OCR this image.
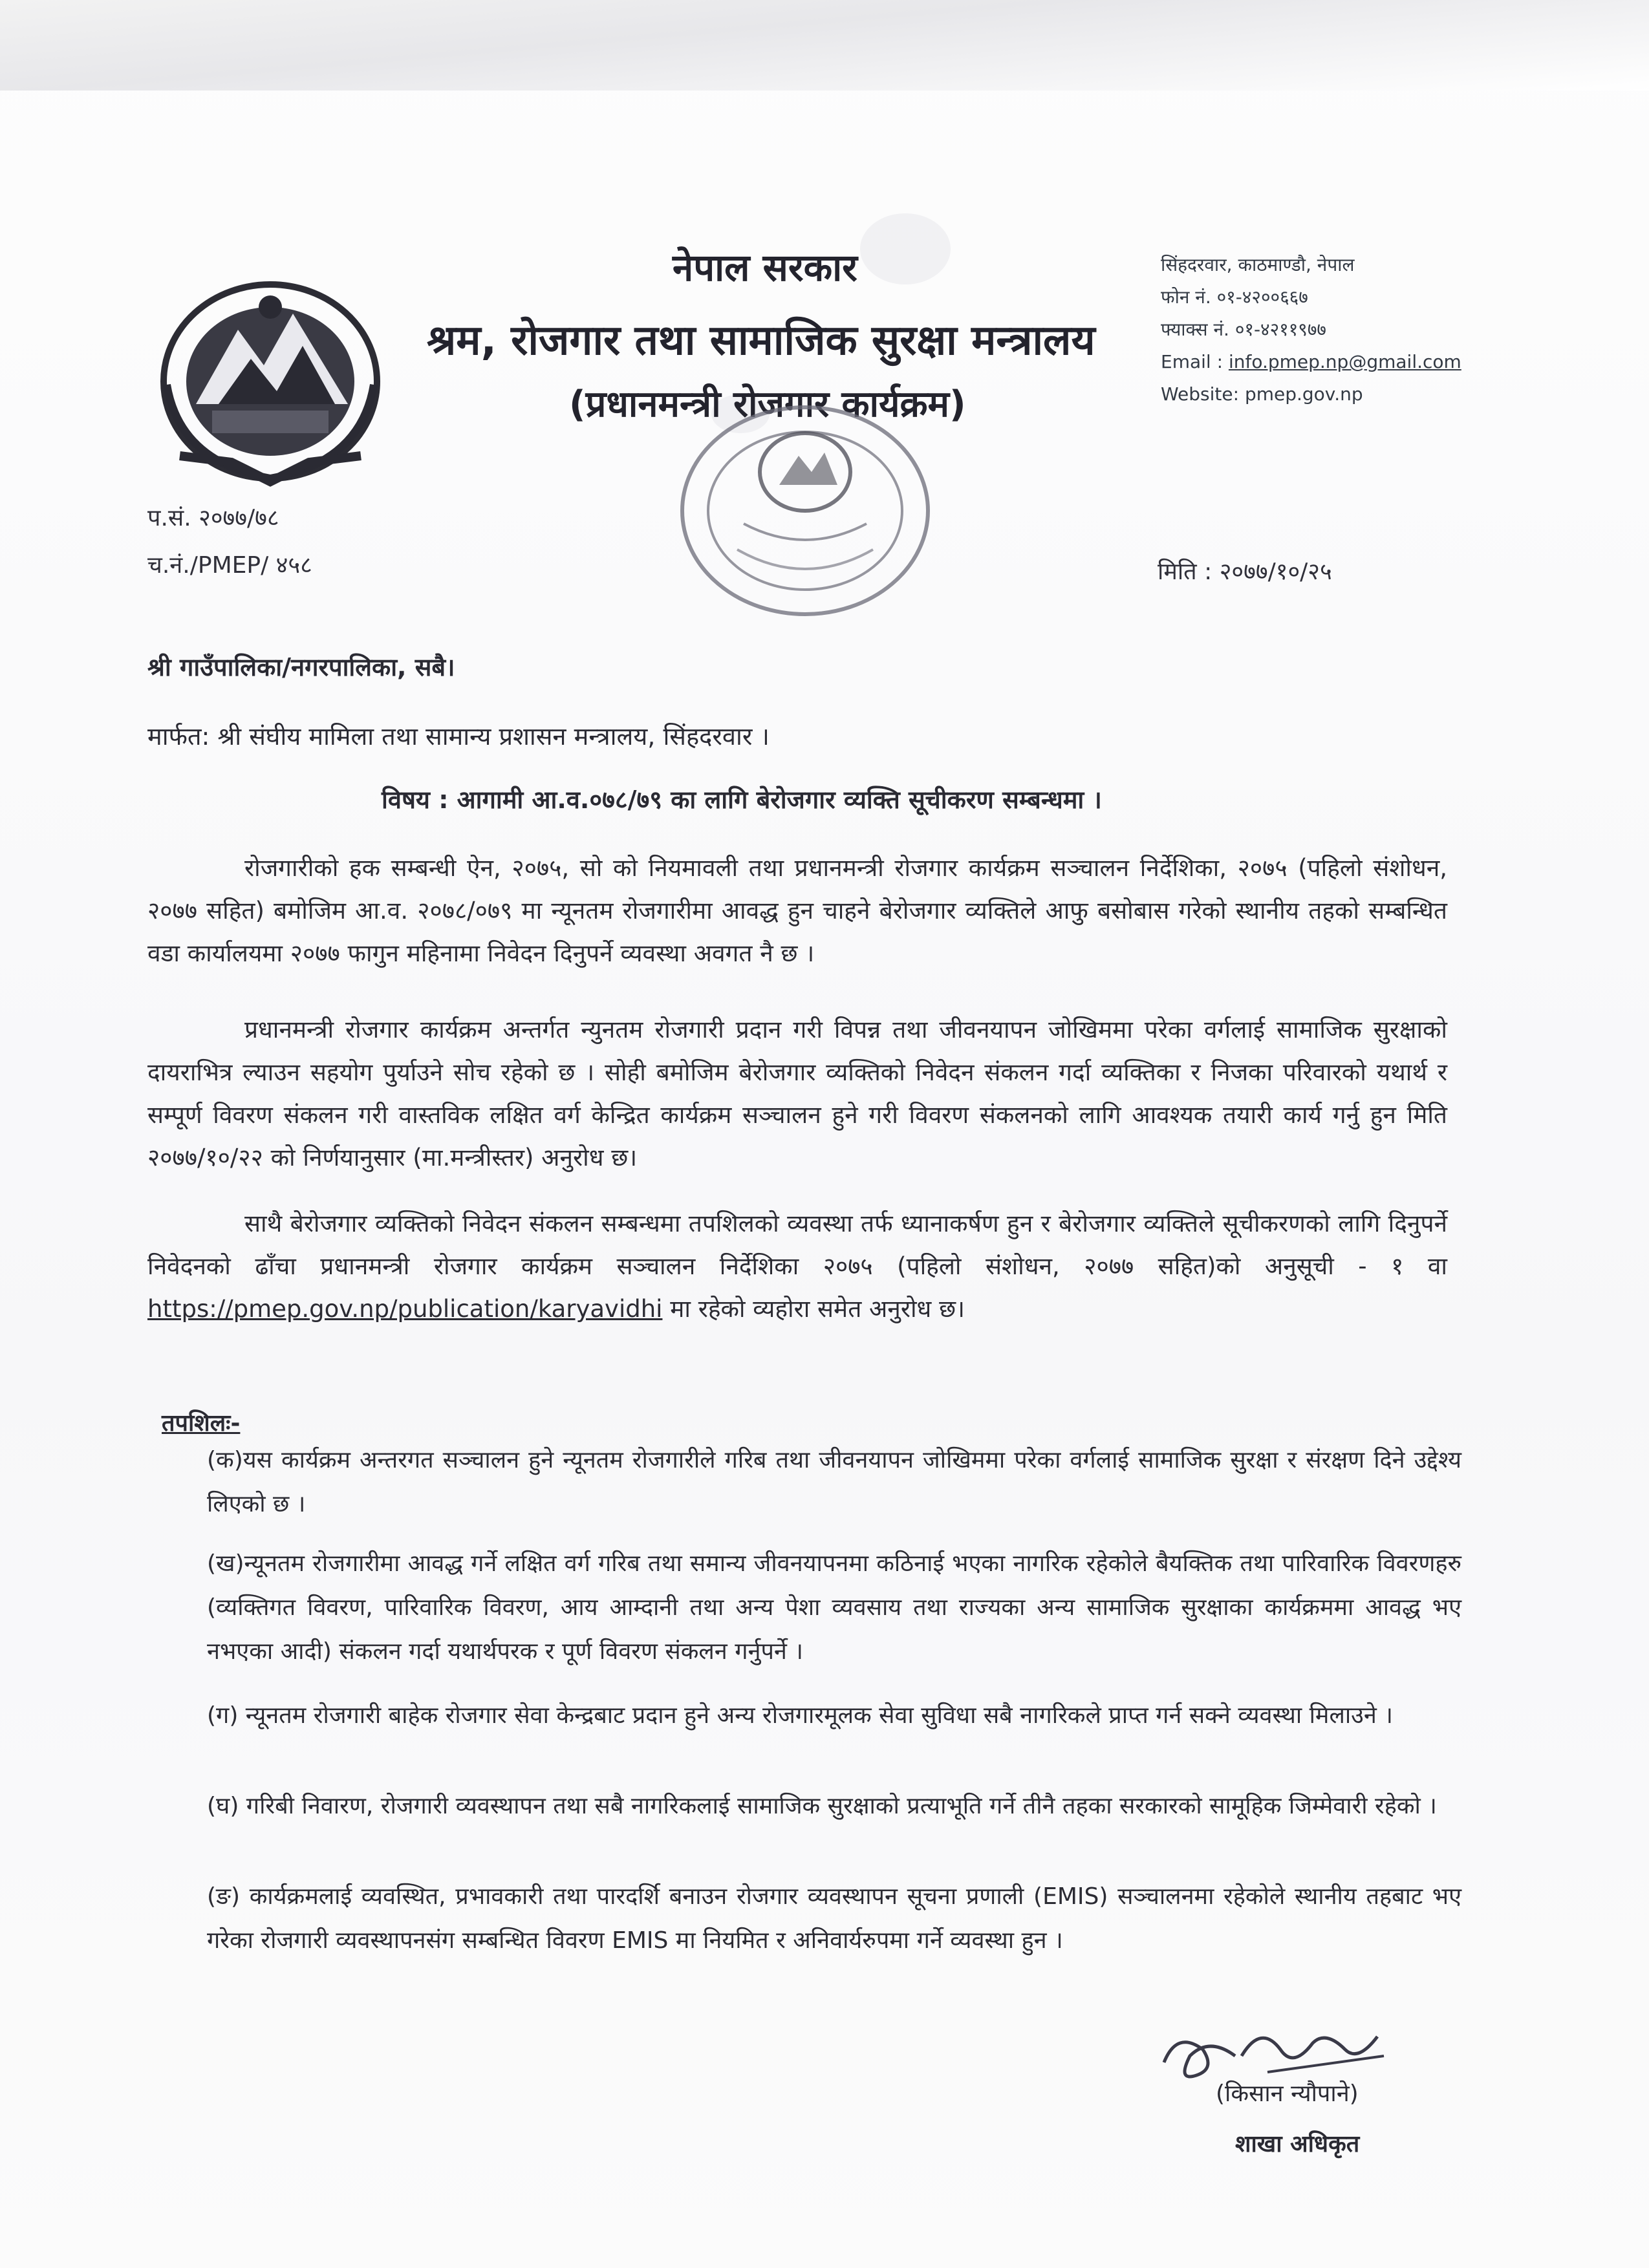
नेपाल सरकार
श्रम, रोजगार तथा सामाजिक सुरक्षा मन्त्रालय
(प्रधानमन्त्री रोजगार कार्यक्रम)
सिंहदरवार, काठमाण्डौ, नेपाल
फोन नं. ०१-४२००६६७
फ्याक्स नं. ०१-४२११९७७
Email : info.pmep.np@gmail.com
Website: pmep.gov.np
प.सं. २०७७/७८
च.नं./PMEP/ ४५८	मिति : २०७७/१०/२५
श्री गाउँपालिका/नगरपालिका, सबै।
मार्फत: श्री संघीय मामिला तथा सामान्य प्रशासन मन्त्रालय, सिंहदरवार ।
विषय : आगामी आ.व.०७८/७९ का लागि बेरोजगार व्यक्ति सूचीकरण सम्बन्धमा ।
रोजगारीको हक सम्बन्धी ऐन, २०७५, सो को नियमावली तथा प्रधानमन्त्री रोजगार कार्यक्रम सञ्चालन निर्देशिका, २०७५ (पहिलो संशोधन, २०७७ सहित) बमोजिम आ.व. २०७८/०७९ मा न्यूनतम रोजगारीमा आवद्ध हुन चाहने बेरोजगार व्यक्तिले आफु बसोबास गरेको स्थानीय तहको सम्बन्धित वडा कार्यालयमा २०७७ फागुन महिनामा निवेदन दिनुपर्ने व्यवस्था अवगत नै छ ।
प्रधानमन्त्री रोजगार कार्यक्रम अन्तर्गत न्युनतम रोजगारी प्रदान गरी विपन्न तथा जीवनयापन जोखिममा परेका वर्गलाई सामाजिक सुरक्षाको दायराभित्र ल्याउन सहयोग पुर्याउने सोच रहेको छ । सोही बमोजिम बेरोजगार व्यक्तिको निवेदन संकलन गर्दा व्यक्तिका र निजका परिवारको यथार्थ र सम्पूर्ण विवरण संकलन गरी वास्तविक लक्षित वर्ग केन्द्रित कार्यक्रम सञ्चालन हुने गरी विवरण संकलनको लागि आवश्यक तयारी कार्य गर्नु हुन मिति २०७७/१०/२२ को निर्णयानुसार (मा.मन्त्रीस्तर) अनुरोध छ।
साथै बेरोजगार व्यक्तिको निवेदन संकलन सम्बन्धमा तपशिलको व्यवस्था तर्फ ध्यानाकर्षण हुन र बेरोजगार व्यक्तिले सूचीकरणको लागि दिनुपर्ने निवेदनको ढाँचा प्रधानमन्त्री रोजगार कार्यक्रम सञ्चालन निर्देशिका २०७५ (पहिलो संशोधन, २०७७ सहित)को अनुसूची - १ वा https://pmep.gov.np/publication/karyavidhi मा रहेको व्यहोरा समेत अनुरोध छ।
तपशिलः-
(क)यस कार्यक्रम अन्तरगत सञ्चालन हुने न्यूनतम रोजगारीले गरिब तथा जीवनयापन जोखिममा परेका वर्गलाई सामाजिक सुरक्षा र संरक्षण दिने उद्देश्य लिएको छ ।
(ख)न्यूनतम रोजगारीमा आवद्ध गर्ने लक्षित वर्ग गरिब तथा समान्य जीवनयापनमा कठिनाई भएका नागरिक रहेकोले बैयक्तिक तथा पारिवारिक विवरणहरु (व्यक्तिगत विवरण, पारिवारिक विवरण, आय आम्दानी तथा अन्य पेशा व्यवसाय तथा राज्यका अन्य सामाजिक सुरक्षाका कार्यक्रममा आवद्ध भए नभएका आदी) संकलन गर्दा यथार्थपरक र पूर्ण विवरण संकलन गर्नुपर्ने ।
(ग) न्यूनतम रोजगारी बाहेक रोजगार सेवा केन्द्रबाट प्रदान हुने अन्य रोजगारमूलक सेवा सुविधा सबै नागरिकले प्राप्त गर्न सक्ने व्यवस्था मिलाउने ।
(घ) गरिबी निवारण, रोजगारी व्यवस्थापन तथा सबै नागरिकलाई सामाजिक सुरक्षाको प्रत्याभूति गर्ने तीनै तहका सरकारको सामूहिक जिम्मेवारी रहेको ।
(ङ) कार्यक्रमलाई व्यवस्थित, प्रभावकारी तथा पारदर्शि बनाउन रोजगार व्यवस्थापन सूचना प्रणाली (EMIS) सञ्चालनमा रहेकोले स्थानीय तहबाट भए गरेका रोजगारी व्यवस्थापनसंग सम्बन्धित विवरण EMIS मा नियमित र अनिवार्यरुपमा गर्ने व्यवस्था हुन ।
(किसान न्यौपाने)
शाखा अधिकृत
